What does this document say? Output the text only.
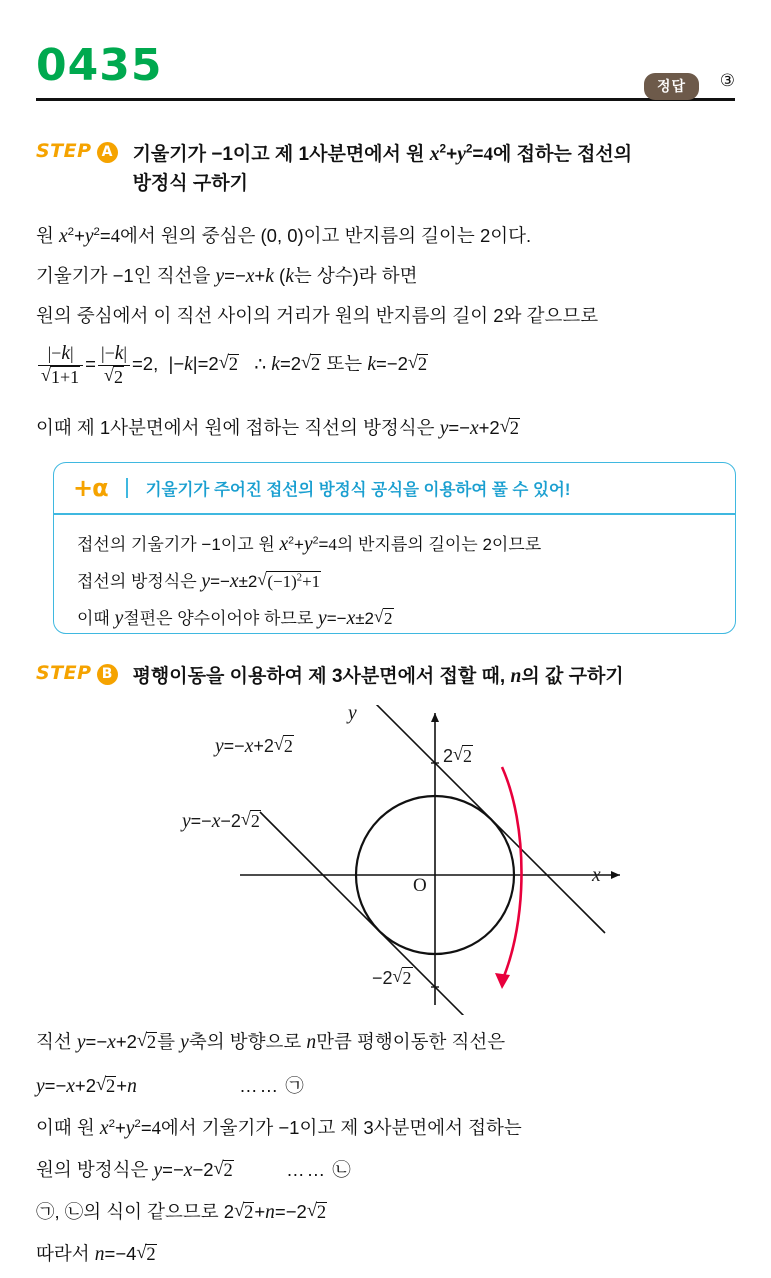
0435	정답	③
STEP A 기울기가 −1이고 제 1사분면에서 원 $x^2+y^2=4$에 접하는 접선의
방정식 구하기
원 $x^2+y^2=4$에서 원의 중심은 (0, 0)이고 반지름의 길이는 2이다.
기울기가 −1인 직선을 y=−x+k (k는 상수)라 하면
원의 중심에서 이 직선 사이의 거리가 원의 반지름의 길이 2와 같으므로
|−k|
√ 1+1 = |−k|
√ 2 =2,  |−k|=2 √ 2   ∴ k=2 √ 2 또는 k=−2 √ 2
이때 제 1사분면에서 원에 접하는 직선의 방정식은 y=−x+2 √ 2
+α 기울기가 주어진 접선의 방정식 공식을 이용하여 풀 수 있어!
접선의 기울기가 −1이고 원 $x^2+y^2=4$의 반지름의 길이는 2이므로
접선의 방정식은 y=−x±2 √ $(-1)^2+1$
이때 y절편은 양수이어야 하므로 y=−x±2 √ 2
STEP B 평행이동을 이용하여 제 3사분면에서 접할 때, n의 값 구하기
y
x
O
y=−x+2 √ 2
y=−x−2 √ 2
2 √ 2
−2 √ 2
직선 y=−x+2 √ 2를 y축의 방향으로 n만큼 평행이동한 직선은
y=−x+2 √ 2+n	…… ㉠
이때 원 $x^2+y^2=4$에서 기울기가 −1이고 제 3사분면에서 접하는
원의 방정식은 y=−x−2 √ 2	…… ㉡
㉠, ㉡의 식이 같으므로 2 √ 2+n=−2 √ 2
따라서 n=−4 √ 2
